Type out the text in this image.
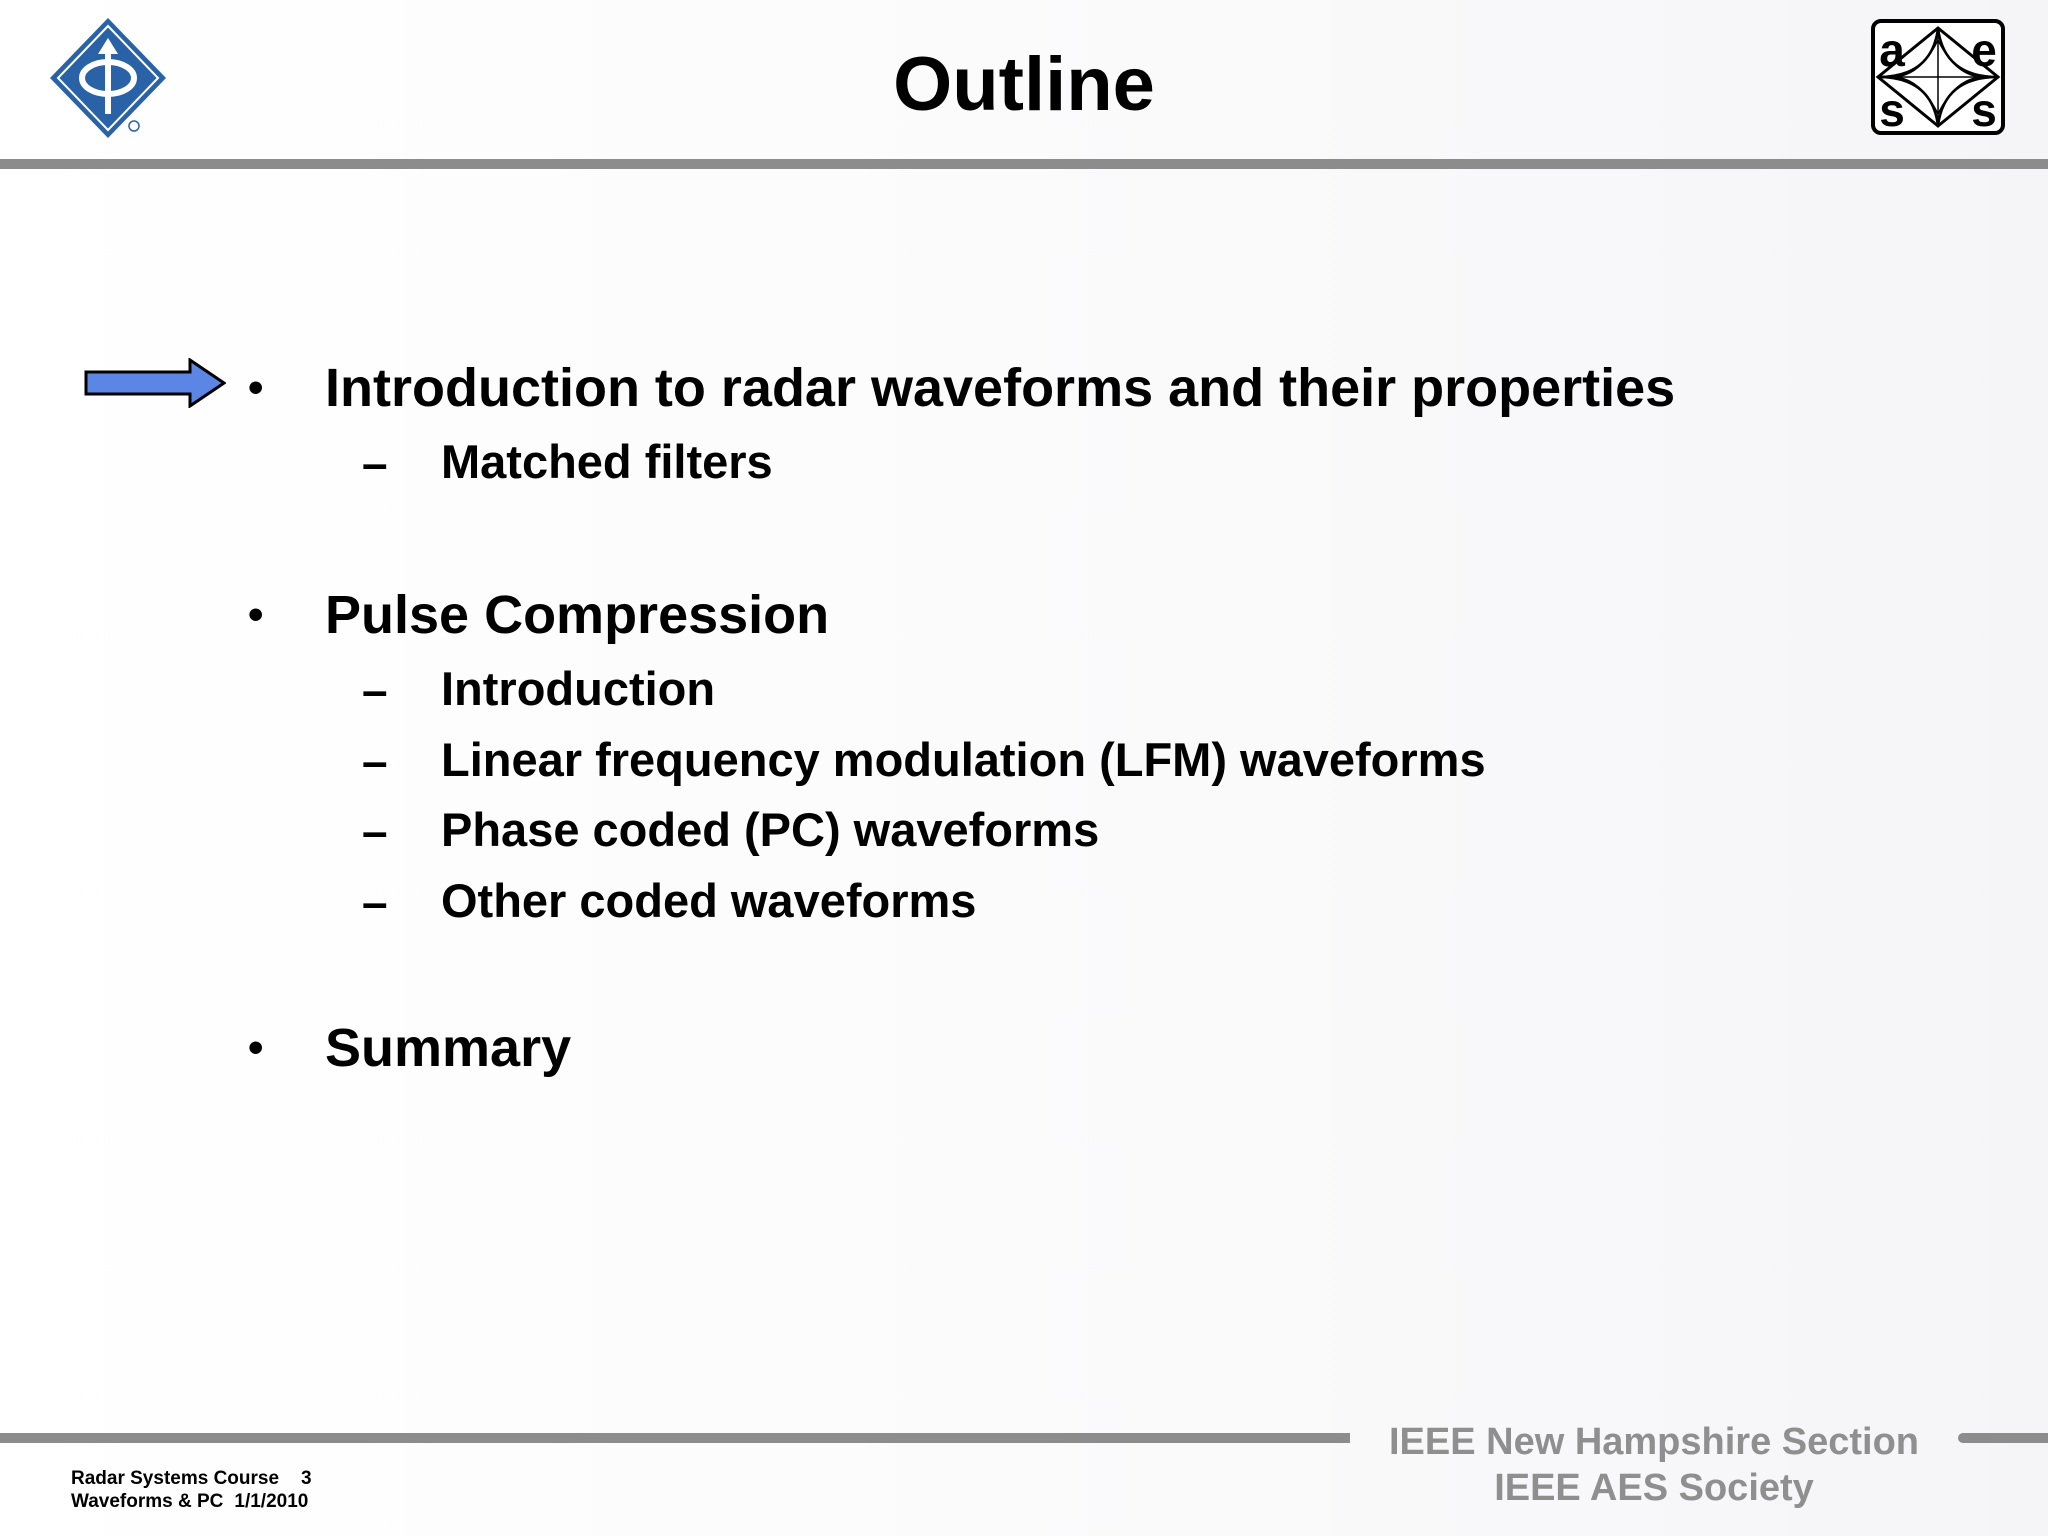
Outline	a e
s s
• Introduction to radar waveforms and their properties
– Matched filters
• Pulse Compression
– Introduction
– Linear frequency modulation (LFM) waveforms
– Phase coded (PC) waveforms
– Other coded waveforms
• Summary
IEEE New Hampshire Section
IEEE AES Society
Radar Systems Course 3
Waveforms & PC 1/1/2010
